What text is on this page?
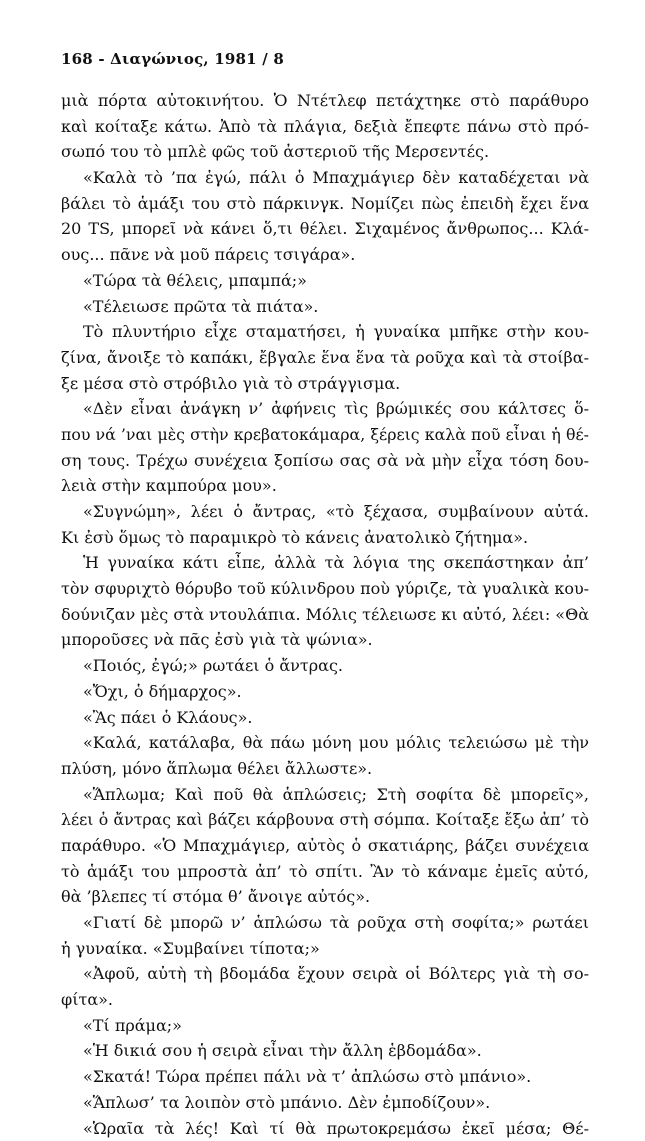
168 - Διαγώνιος, 1981 / 8
μιὰ πόρτα αὐτοκινήτου. Ὁ Ντέτλεφ πετάχτηκε στὸ παράθυρο
καὶ κοίταξε κάτω. Ἀπὸ τὰ πλάγια, δεξιὰ ἔπεφτε πάνω στὸ πρό-
σωπό του τὸ μπλὲ φῶς τοῦ ἀστεριοῦ τῆς Μερσεντές.
«Καλὰ τὸ ’πα ἐγώ, πάλι ὁ Μπαχμάγιερ δὲν καταδέχεται νὰ
βάλει τὸ ἁμάξι του στὸ πάρκινγκ. Νομίζει πὼς ἐπειδὴ ἔχει ἕνα
20 TS, μπορεῖ νὰ κάνει ὅ,τι θέλει. Σιχαμένος ἄνθρωπος... Κλά-
ους... πᾶνε νὰ μοῦ πάρεις τσιγάρα».
«Τώρα τὰ θέλεις, μπαμπά;»
«Τέλειωσε πρῶτα τὰ πιάτα».
Τὸ πλυντήριο εἶχε σταματήσει, ἡ γυναίκα μπῆκε στὴν κου-
ζίνα, ἄνοιξε τὸ καπάκι, ἔβγαλε ἕνα ἕνα τὰ ροῦχα καὶ τὰ στοίβα-
ξε μέσα στὸ στρόβιλο γιὰ τὸ στράγγισμα.
«Δὲν εἶναι ἀνάγκη ν’ ἀφήνεις τὶς βρώμικές σου κάλτσες ὅ-
που νά ’ναι μὲς στὴν κρεβατοκάμαρα, ξέρεις καλὰ ποῦ εἶναι ἡ θέ-
ση τους. Τρέχω συνέχεια ξοπίσω σας σὰ νὰ μὴν εἶχα τόση δου-
λειὰ στὴν καμπούρα μου».
«Συγνώμη», λέει ὁ ἄντρας, «τὸ ξέχασα, συμβαίνουν αὐτά.
Κι ἐσὺ ὅμως τὸ παραμικρὸ τὸ κάνεις ἀνατολικὸ ζήτημα».
Ἡ γυναίκα κάτι εἶπε, ἀλλὰ τὰ λόγια της σκεπάστηκαν ἀπ’
τὸν σφυριχτὸ θόρυβο τοῦ κύλινδρου ποὺ γύριζε, τὰ γυαλικὰ κου-
δούνιζαν μὲς στὰ ντουλάπια. Μόλις τέλειωσε κι αὐτό, λέει: «Θὰ
μποροῦσες νὰ πᾶς ἐσὺ γιὰ τὰ ψώνια».
«Ποιός, ἐγώ;» ρωτάει ὁ ἄντρας.
«Ὄχι, ὁ δήμαρχος».
«Ἂς πάει ὁ Κλάους».
«Καλά, κατάλαβα, θὰ πάω μόνη μου μόλις τελειώσω μὲ τὴν
πλύση, μόνο ἅπλωμα θέλει ἄλλωστε».
«Ἅπλωμα; Καὶ ποῦ θὰ ἁπλώσεις; Στὴ σοφίτα δὲ μπορεῖς»,
λέει ὁ ἄντρας καὶ βάζει κάρβουνα στὴ σόμπα. Κοίταξε ἔξω ἀπ’ τὸ
παράθυρο. «Ὁ Μπαχμάγιερ, αὐτὸς ὁ σκατιάρης, βάζει συνέχεια
τὸ ἁμάξι του μπροστὰ ἀπ’ τὸ σπίτι. Ἂν τὸ κάναμε ἐμεῖς αὐτό,
θὰ ’βλεπες τί στόμα θ’ ἄνοιγε αὐτός».
«Γιατί δὲ μπορῶ ν’ ἁπλώσω τὰ ροῦχα στὴ σοφίτα;» ρωτάει
ἡ γυναίκα. «Συμβαίνει τίποτα;»
«Ἀφοῦ, αὐτὴ τὴ βδομάδα ἔχουν σειρὰ οἱ Βόλτερς γιὰ τὴ σο-
φίτα».
«Τί πράμα;»
«Ἡ δικιά σου ἡ σειρὰ εἶναι τὴν ἄλλη ἑβδομάδα».
«Σκατά! Τώρα πρέπει πάλι νὰ τ’ ἁπλώσω στὸ μπάνιο».
«Ἅπλωσ’ τα λοιπὸν στὸ μπάνιο. Δὲν ἐμποδίζουν».
«Ὡραῖα τὰ λές! Καὶ τί θὰ πρωτοκρεμάσω ἐκεῖ μέσα; Θέ-
